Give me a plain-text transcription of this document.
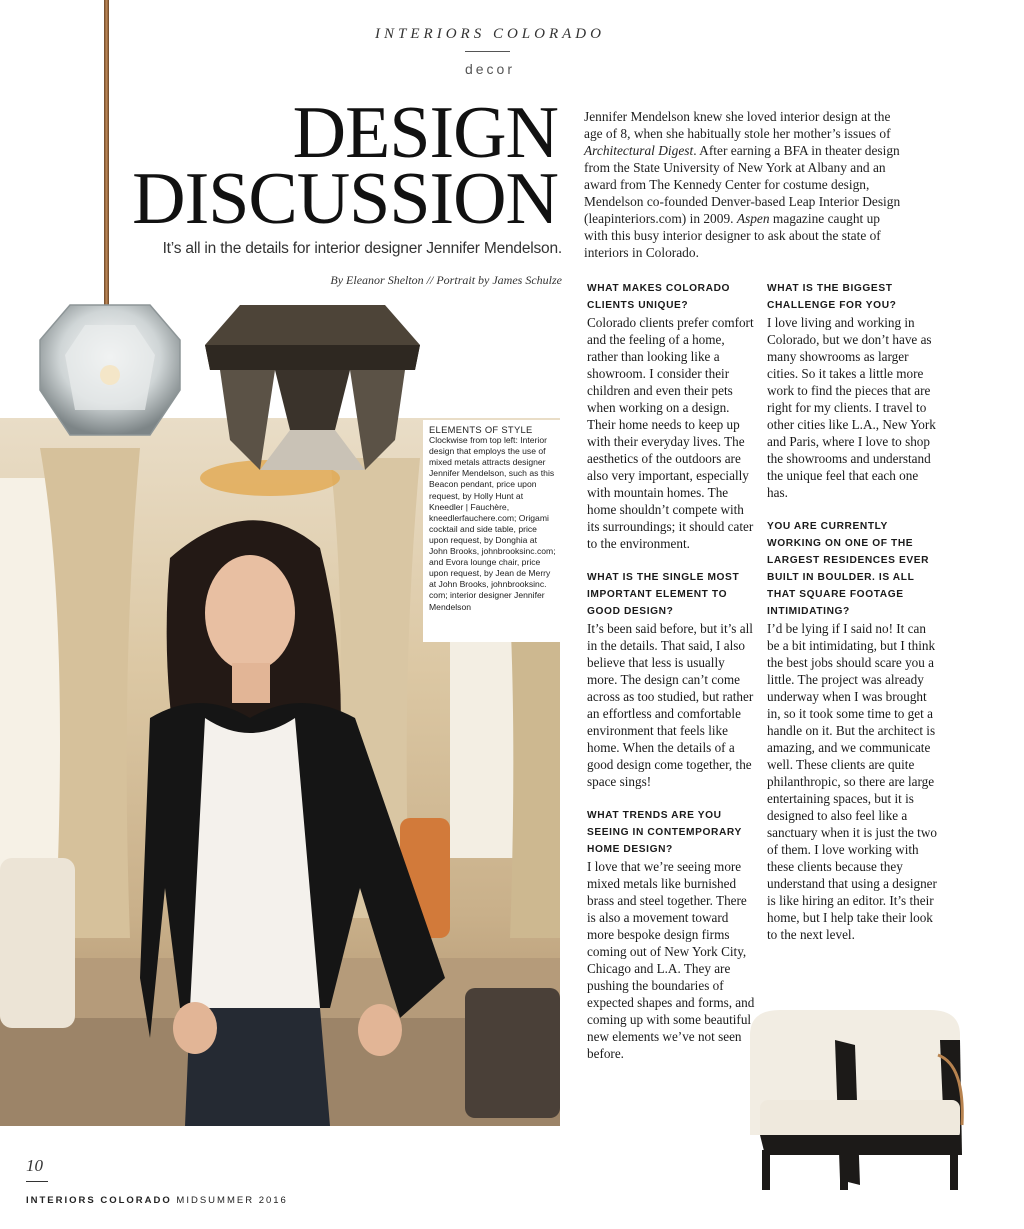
INTERIORS COLORADO
decor
ELEMENTS OF STYLE
Clockwise from top left: Interior design that employs the use of mixed metals attracts designer Jennifer Mendelson, such as this Beacon pendant, price upon request, by Holly Hunt at Kneedler | Fauchère, kneedlerfauchere.com; Origami cocktail and side table, price upon request, by Donghia at John Brooks, johnbrooksinc.com; and Evora lounge chair, price upon request, by Jean de Merry at John Brooks, johnbrooksinc. com; interior designer Jennifer Mendelson
DESIGN
DISCUSSION
It’s all in the details for interior designer Jennifer Mendelson.
By Eleanor Shelton // Portrait by James Schulze
Jennifer Mendelson knew she loved interior design at the age of 8, when she habitually stole her mother’s issues of Architectural Digest. After earning a BFA in theater design from the State University of New York at Albany and an award from The Kennedy Center for costume design, Mendelson co-founded Denver-based Leap Interior Design (leapinteriors.com) in 2009. Aspen magazine caught up with this busy interior designer to ask about the state of interiors in Colorado.

WHAT MAKES COLORADO CLIENTS UNIQUE?

Colorado clients prefer comfort and the feeling of a home, rather than looking like a showroom. I consider their children and even their pets when working on a design. Their home needs to keep up with their everyday lives. The aesthetics of the outdoors are also very important, especially with mountain homes. The home shouldn’t compete with its surroundings; it should cater to the environment.

WHAT IS THE SINGLE MOST IMPORTANT ELEMENT TO GOOD DESIGN?

It’s been said before, but it’s all in the details. That said, I also believe that less is usually more. The design can’t come across as too studied, but rather an effortless and comfortable environment that feels like home. When the details of a good design come together, the space sings!

WHAT TRENDS ARE YOU SEEING IN CONTEMPORARY HOME DESIGN?

I love that we’re seeing more mixed metals like burnished brass and steel together. There is also a movement toward more bespoke design firms coming out of New York City, Chicago and L.A. They are pushing the boundaries of expected shapes and forms, and coming up with some beautiful new elements we’ve not seen before.

WHAT IS THE BIGGEST CHALLENGE FOR YOU?

I love living and working in Colorado, but we don’t have as many showrooms as larger cities. So it takes a little more work to find the pieces that are right for my clients. I travel to other cities like L.A., New York and Paris, where I love to shop the showrooms and understand the unique feel that each one has.

YOU ARE CURRENTLY WORKING ON ONE OF THE LARGEST RESIDENCES EVER BUILT IN BOULDER. IS ALL THAT SQUARE FOOTAGE INTIMIDATING?

I’d be lying if I said no! It can be a bit intimidating, but I think the best jobs should scare you a little. The project was already underway when I was brought in, so it took some time to get a handle on it. But the architect is amazing, and we communicate well. These clients are quite philanthropic, so there are large entertaining spaces, but it is designed to also feel like a sanctuary when it is just the two of them. I love working with these clients because they understand that using a designer is like hiring an editor. It’s their home, but I help take their look to the next level.

10
INTERIORS COLORADO MIDSUMMER 2016
